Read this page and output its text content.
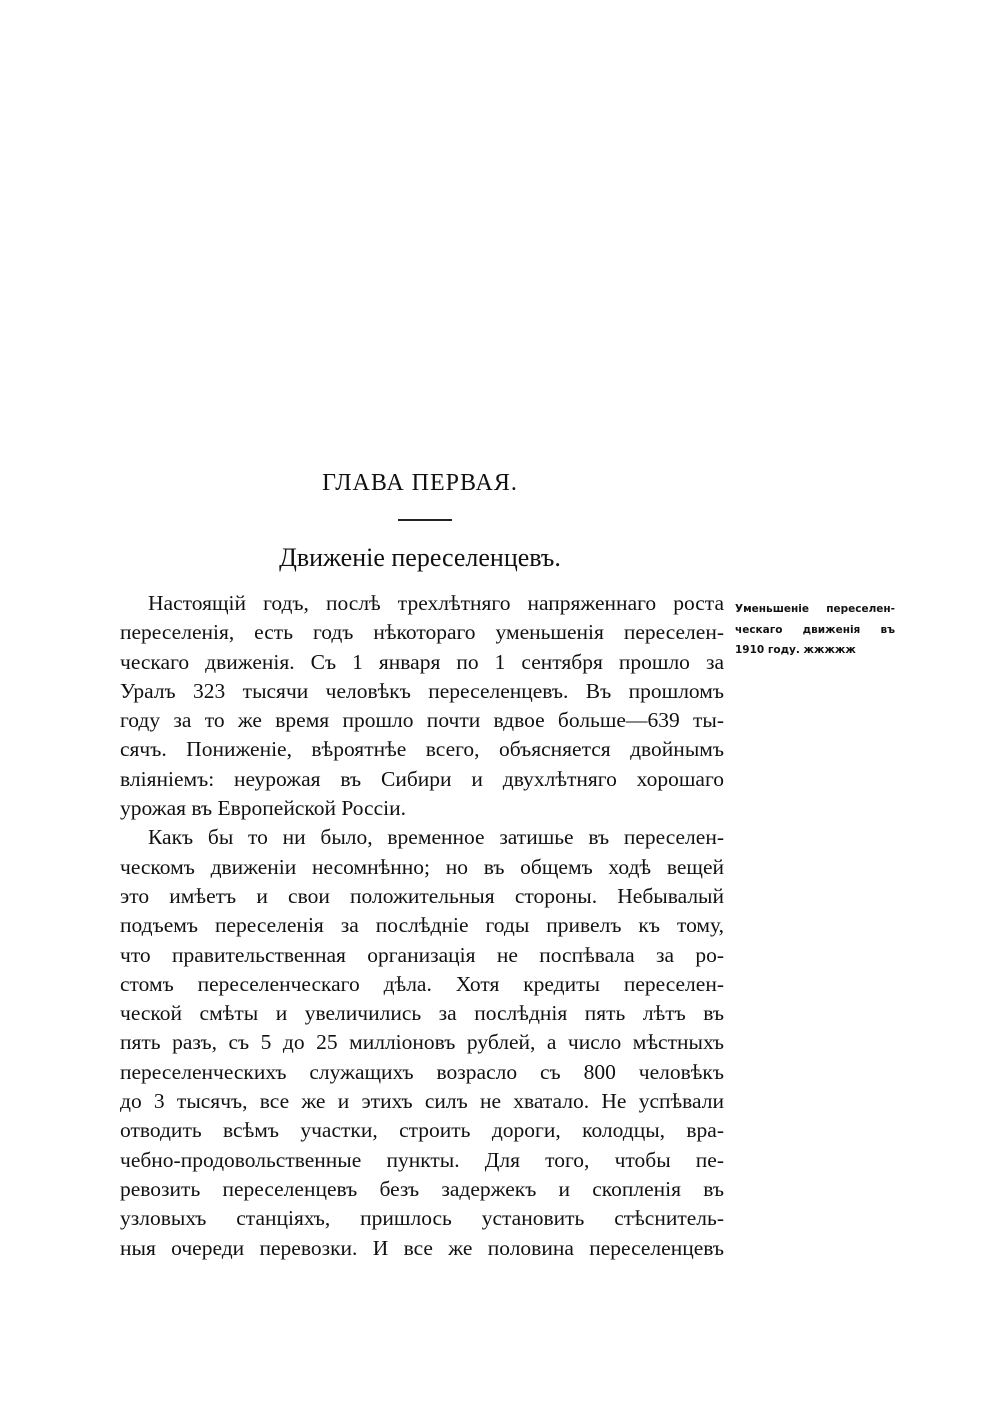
ГЛАВА ПЕРВАЯ.
Движеніе переселенцевъ.
Настоящій годъ, послѣ трехлѣтняго напряженнаго роста
переселенія, есть годъ нѣкотораго уменьшенія переселен-
ческаго движенія. Съ 1 января по 1 сентября прошло за
Уралъ 323 тысячи человѣкъ переселенцевъ. Въ прошломъ
году за то же время прошло почти вдвое больше—639 ты-
сячъ. Пониженіе, вѣроятнѣе всего, объясняется двойнымъ
вліяніемъ: неурожая въ Сибири и двухлѣтняго хорошаго
урожая въ Европейской Россіи.
Какъ бы то ни было, временное затишье въ переселен-
ческомъ движеніи несомнѣнно; но въ общемъ ходѣ вещей
это имѣетъ и свои положительныя стороны. Небывалый
подъемъ переселенія за послѣдніе годы привелъ къ тому,
что правительственная организація не поспѣвала за ро-
стомъ переселенческаго дѣла. Хотя кредиты переселен-
ческой смѣты и увеличились за послѣднія пять лѣтъ въ
пять разъ, съ 5 до 25 милліоновъ рублей, а число мѣстныхъ
переселенческихъ служащихъ возрасло съ 800 человѣкъ
до 3 тысячъ, все же и этихъ силъ не хватало. Не успѣвали
отводить всѣмъ участки, строить дороги, колодцы, вра-
чебно-продовольственные пункты. Для того, чтобы пе-
ревозить переселенцевъ безъ задержекъ и скопленія въ
узловыхъ станціяхъ, пришлось установить стѣснитель-
ныя очереди перевозки. И все же половина переселенцевъ
Уменьшеніе переселен-
ческаго движенія въ
1910 году. жжжжж
